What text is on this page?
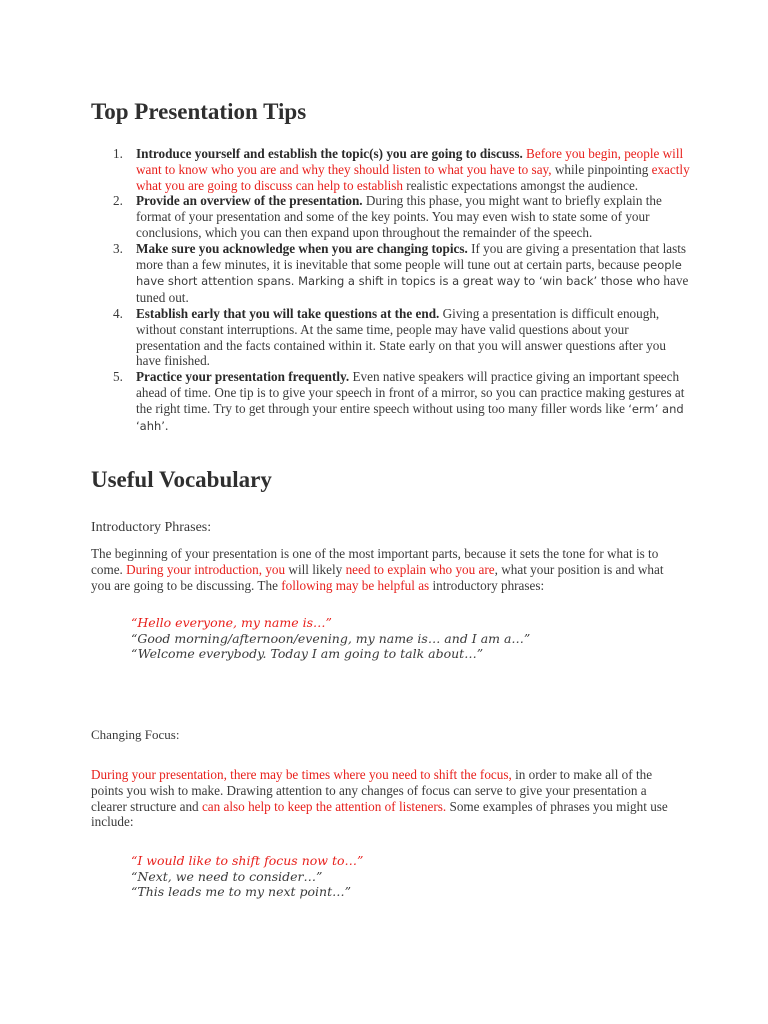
Top Presentation Tips
1. Introduce yourself and establish the topic(s) you are going to discuss. Before you begin, people will want to know who you are and why they should listen to what you have to say, while pinpointing exactly what you are going to discuss can help to establish realistic expectations amongst the audience.
2. Provide an overview of the presentation. During this phase, you might want to briefly explain the format of your presentation and some of the key points. You may even wish to state some of your conclusions, which you can then expand upon throughout the remainder of the speech.
3. Make sure you acknowledge when you are changing topics. If you are giving a presentation that lasts more than a few minutes, it is inevitable that some people will tune out at certain parts, because people have short attention spans. Marking a shift in topics is a great way to ‘win back’ those who have tuned out.
4. Establish early that you will take questions at the end. Giving a presentation is difficult enough, without constant interruptions. At the same time, people may have valid questions about your presentation and the facts contained within it. State early on that you will answer questions after you have finished.
5. Practice your presentation frequently. Even native speakers will practice giving an important speech ahead of time. One tip is to give your speech in front of a mirror, so you can practice making gestures at the right time. Try to get through your entire speech without using too many filler words like ‘erm’ and ‘ahh’.
Useful Vocabulary

Introductory Phrases:

The beginning of your presentation is one of the most important parts, because it sets the tone for what is to come. During your introduction, you will likely need to explain who you are, what your position is and what you are going to be discussing. The following may be helpful as introductory phrases:

“Hello everyone, my name is…”
“Good morning/afternoon/evening, my name is… and I am a…”
“Welcome everybody. Today I am going to talk about…”

Changing Focus:

During your presentation, there may be times where you need to shift the focus, in order to make all of the points you wish to make. Drawing attention to any changes of focus can serve to give your presentation a clearer structure and can also help to keep the attention of listeners. Some examples of phrases you might use include:

“I would like to shift focus now to…”
“Next, we need to consider…”
“This leads me to my next point…”
